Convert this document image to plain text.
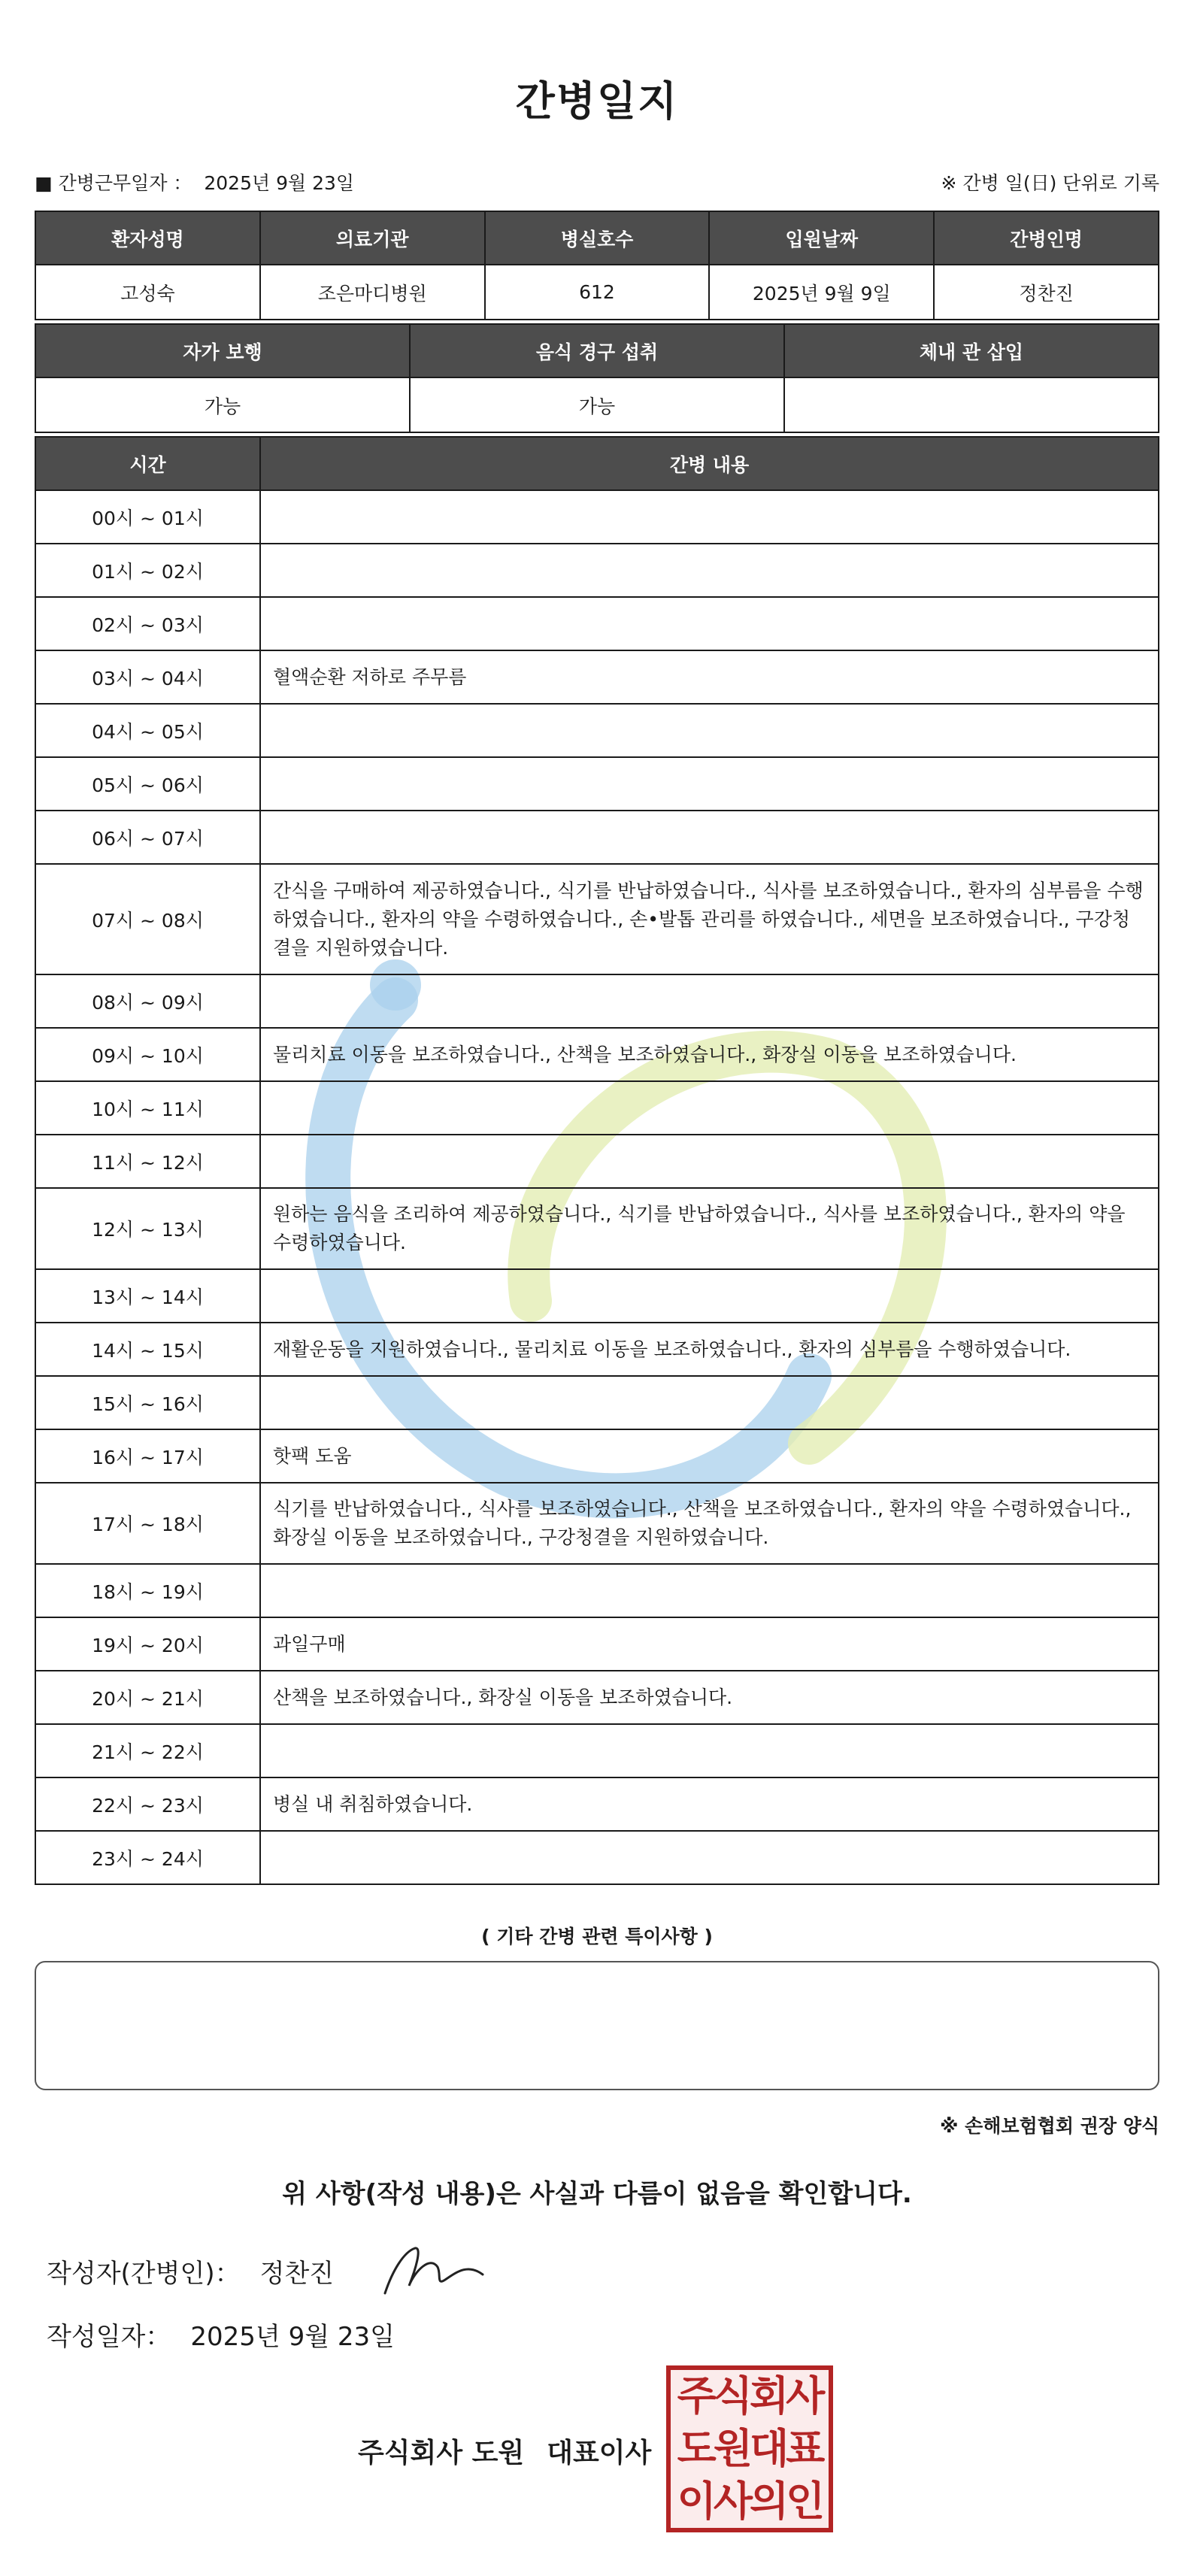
간병일지
■ 간병근무일자 ： 2025년 9월 23일	※ 간병 일(日) 단위로 기록
환자성명	의료기관	병실호수	입원날짜	간병인명
고성숙	조은마디병원	612	2025년 9월 9일	정찬진
자가 보행	음식 경구 섭취	체내 관 삽입
가능	가능	
시간	간병 내용
00시 ~ 01시	
01시 ~ 02시	
02시 ~ 03시	
03시 ~ 04시	혈액순환 저하로 주무름
04시 ~ 05시	
05시 ~ 06시	
06시 ~ 07시	
07시 ~ 08시	간식을 구매하여 제공하였습니다., 식기를 반납하였습니다., 식사를 보조하였습니다., 환자의 심부름을 수행하였습니다., 환자의 약을 수령하였습니다., 손•발톱 관리를 하였습니다., 세면을 보조하였습니다., 구강청결을 지원하였습니다.
08시 ~ 09시	
09시 ~ 10시	물리치료 이동을 보조하였습니다., 산책을 보조하였습니다., 화장실 이동을 보조하였습니다.
10시 ~ 11시	
11시 ~ 12시	
12시 ~ 13시	원하는 음식을 조리하여 제공하였습니다., 식기를 반납하였습니다., 식사를 보조하였습니다., 환자의 약을 수령하였습니다.
13시 ~ 14시	
14시 ~ 15시	재활운동을 지원하였습니다., 물리치료 이동을 보조하였습니다., 환자의 심부름을 수행하였습니다.
15시 ~ 16시	
16시 ~ 17시	핫팩 도움
17시 ~ 18시	식기를 반납하였습니다., 식사를 보조하였습니다., 산책을 보조하였습니다., 환자의 약을 수령하였습니다., 화장실 이동을 보조하였습니다., 구강청결을 지원하였습니다.
18시 ~ 19시	
19시 ~ 20시	과일구매
20시 ~ 21시	산책을 보조하였습니다., 화장실 이동을 보조하였습니다.
21시 ~ 22시	
22시 ~ 23시	병실 내 취침하였습니다.
23시 ~ 24시	
( 기타 간병 관련 특이사항 )
※ 손해보험협회 권장 양식
위 사항(작성 내용)은 사실과 다름이 없음을 확인합니다.
작성자(간병인)： 정찬진
작성일자： 2025년 9월 23일
주식회사 도원 대표이사
주식회사
도원대표
이사의인
